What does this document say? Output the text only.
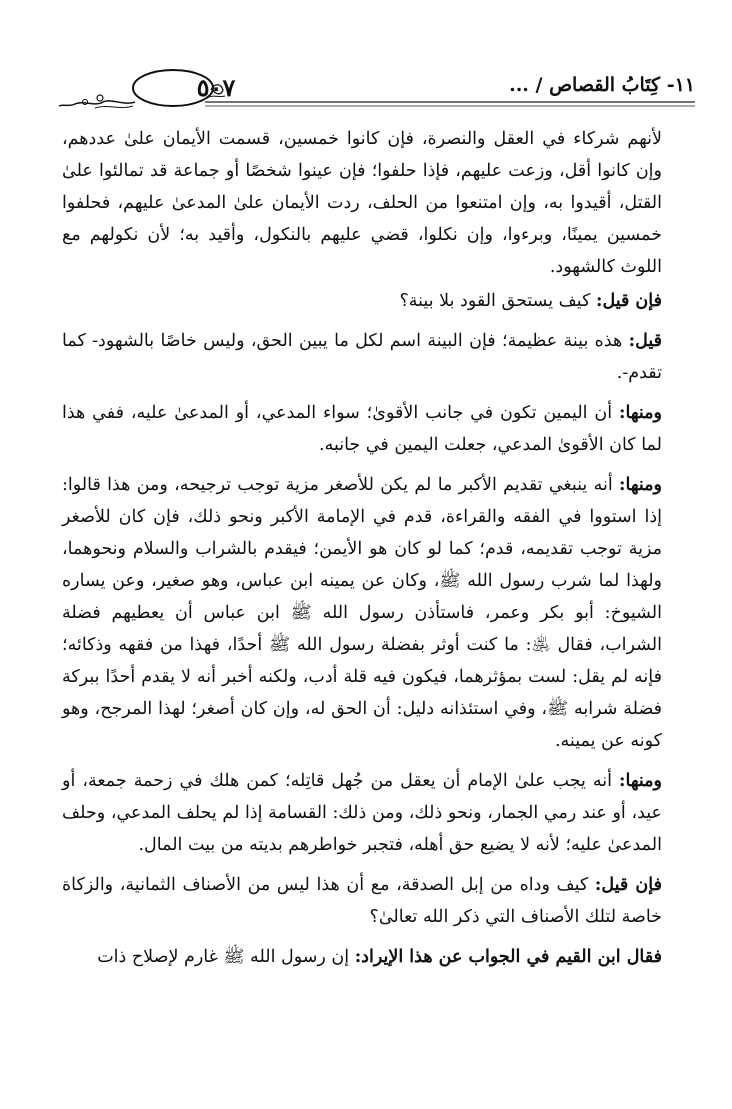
٥٠٧	١١- كِتَابُ القصاص / ...

لأنهم شركاء في العقل والنصرة، فإن كانوا خمسين، قسمت الأيمان علىٰ عددهم، وإن كانوا أقل، وزعت عليهم، فإذا حلفوا؛ فإن عينوا شخصًا أو جماعة قد تمالئوا علىٰ القتل، أقيدوا به، وإن امتنعوا من الحلف، ردت الأيمان علىٰ المدعىٰ عليهم، فحلفوا خمسين يمينًا، وبرءوا، وإن نكلوا، قضي عليهم بالنكول، وأقيد به؛ لأن نكولهم مع اللوث كالشهود.

فإن قيل: كيف يستحق القود بلا بينة؟

قيل: هذه بينة عظيمة؛ فإن البينة اسم لكل ما يبين الحق، وليس خاصًا بالشهود- كما تقدم-.

ومنها: أن اليمين تكون في جانب الأقوىٰ؛ سواء المدعي، أو المدعىٰ عليه، ففي هذا لما كان الأقوىٰ المدعي، جعلت اليمين في جانبه.

ومنها: أنه ينبغي تقديم الأكبر ما لم يكن للأصغر مزية توجب ترجيحه، ومن هذا قالوا: إذا استووا في الفقه والقراءة، قدم في الإمامة الأكبر ونحو ذلك، فإن كان للأصغر مزية توجب تقديمه، قدم؛ كما لو كان هو الأيمن؛ فيقدم بالشراب والسلام ونحوهما، ولهذا لما شرب رسول الله ﷺ، وكان عن يمينه ابن عباس، وهو صغير، وعن يساره الشيوخ: أبو بكر وعمر، فاستأذن رسول الله ﷺ ابن عباس أن يعطيهم فضلة الشراب، فقال ﵁: ما كنت أوثر بفضلة رسول الله ﷺ أحدًا، فهذا من فقهه وذكائه؛ فإنه لم يقل: لست بمؤثرهما، فيكون فيه قلة أدب، ولكنه أخبر أنه لا يقدم أحدًا ببركة فضلة شرابه ﷺ، وفي استئذانه دليل: أن الحق له، وإن كان أصغر؛ لهذا المرجح، وهو كونه عن يمينه.

ومنها: أنه يجب علىٰ الإمام أن يعقل من جُهل قاتِله؛ كمن هلك في زحمة جمعة، أو عيد، أو عند رمي الجمار، ونحو ذلك، ومن ذلك: القسامة إذا لم يحلف المدعي، وحلف المدعىٰ عليه؛ لأنه لا يضيع حق أهله، فتجبر خواطرهم بديته من بيت المال.

فإن قيل: كيف وداه من إبل الصدقة، مع أن هذا ليس من الأصناف الثمانية، والزكاة خاصة لتلك الأصناف التي ذكر الله تعالىٰ؟

فقال ابن القيم في الجواب عن هذا الإيراد: إن رسول الله ﷺ غارم لإصلاح ذات
